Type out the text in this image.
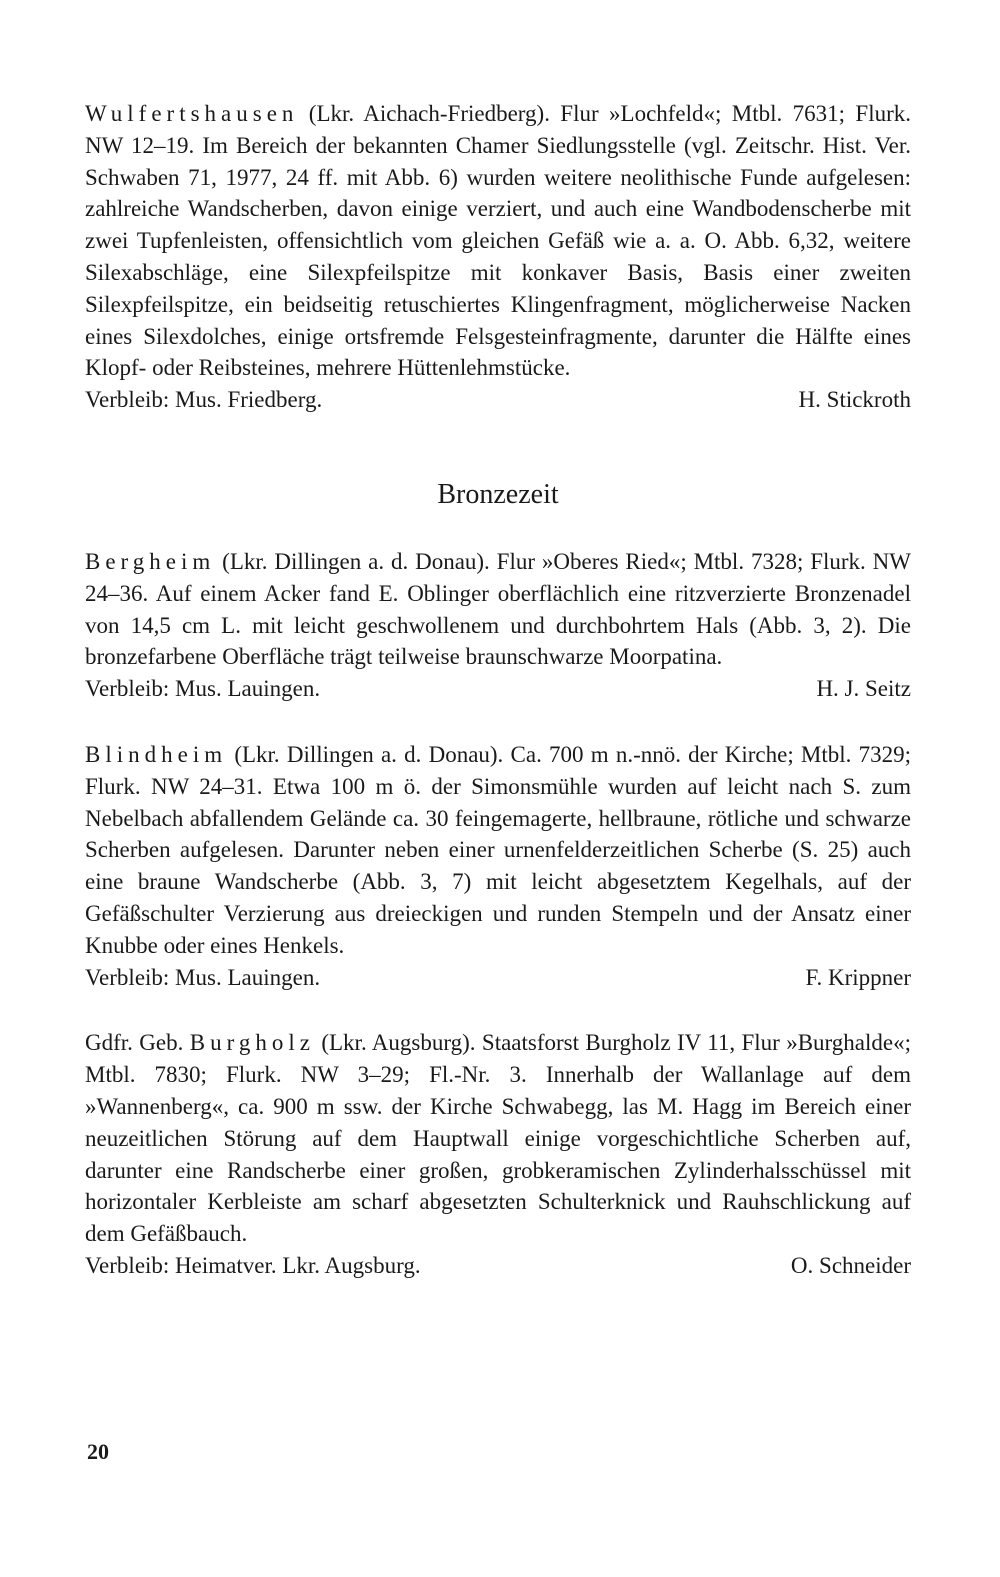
Wulfertshausen (Lkr. Aichach-Friedberg). Flur »Lochfeld«; Mtbl. 7631; Flurk. NW 12–19. Im Bereich der bekannten Chamer Siedlungsstelle (vgl. Zeitschr. Hist. Ver. Schwaben 71, 1977, 24 ff. mit Abb. 6) wurden weitere neolithische Funde aufgelesen: zahlreiche Wandscherben, davon einige verziert, und auch eine Wandbodenscherbe mit zwei Tupfenleisten, offensichtlich vom gleichen Gefäß wie a. a. O. Abb. 6,32, weitere Silexabschläge, eine Silexpfeilspitze mit konkaver Basis, Basis einer zweiten Silexpfeilspitze, ein beidseitig retuschiertes Klingenfragment, möglicherweise Nacken eines Silexdolches, einige ortsfremde Felsgesteinfragmente, darunter die Hälfte eines Klopf- oder Reibsteines, mehrere Hüttenlehmstücke.

Verbleib: Mus. Friedberg.	H. Stickroth
Bronzezeit

Bergheim (Lkr. Dillingen a. d. Donau). Flur »Oberes Ried«; Mtbl. 7328; Flurk. NW 24–36. Auf einem Acker fand E. Oblinger oberflächlich eine ritzverzierte Bronzenadel von 14,5 cm L. mit leicht geschwollenem und durchbohrtem Hals (Abb. 3, 2). Die bronzefarbene Oberfläche trägt teilweise braunschwarze Moorpatina.

Verbleib: Mus. Lauingen.	H. J. Seitz

Blindheim (Lkr. Dillingen a. d. Donau). Ca. 700 m n.-nnö. der Kirche; Mtbl. 7329; Flurk. NW 24–31. Etwa 100 m ö. der Simonsmühle wurden auf leicht nach S. zum Nebelbach abfallendem Gelände ca. 30 feingemagerte, hellbraune, rötliche und schwarze Scherben aufgelesen. Darunter neben einer urnenfelderzeitlichen Scherbe (S. 25) auch eine braune Wandscherbe (Abb. 3, 7) mit leicht abgesetztem Kegelhals, auf der Gefäßschulter Verzierung aus dreieckigen und runden Stempeln und der Ansatz einer Knubbe oder eines Henkels.

Verbleib: Mus. Lauingen.	F. Krippner

Gdfr. Geb. Burgholz (Lkr. Augsburg). Staatsforst Burgholz IV 11, Flur »Burghalde«; Mtbl. 7830; Flurk. NW 3–29; Fl.-Nr. 3. Innerhalb der Wallanlage auf dem »Wannenberg«, ca. 900 m ssw. der Kirche Schwabegg, las M. Hagg im Bereich einer neuzeitlichen Störung auf dem Hauptwall einige vorgeschichtliche Scherben auf, darunter eine Randscherbe einer großen, grobkeramischen Zylinderhalsschüssel mit horizontaler Kerbleiste am scharf abgesetzten Schulterknick und Rauhschlickung auf dem Gefäßbauch.

Verbleib: Heimatver. Lkr. Augsburg.	O. Schneider
20
